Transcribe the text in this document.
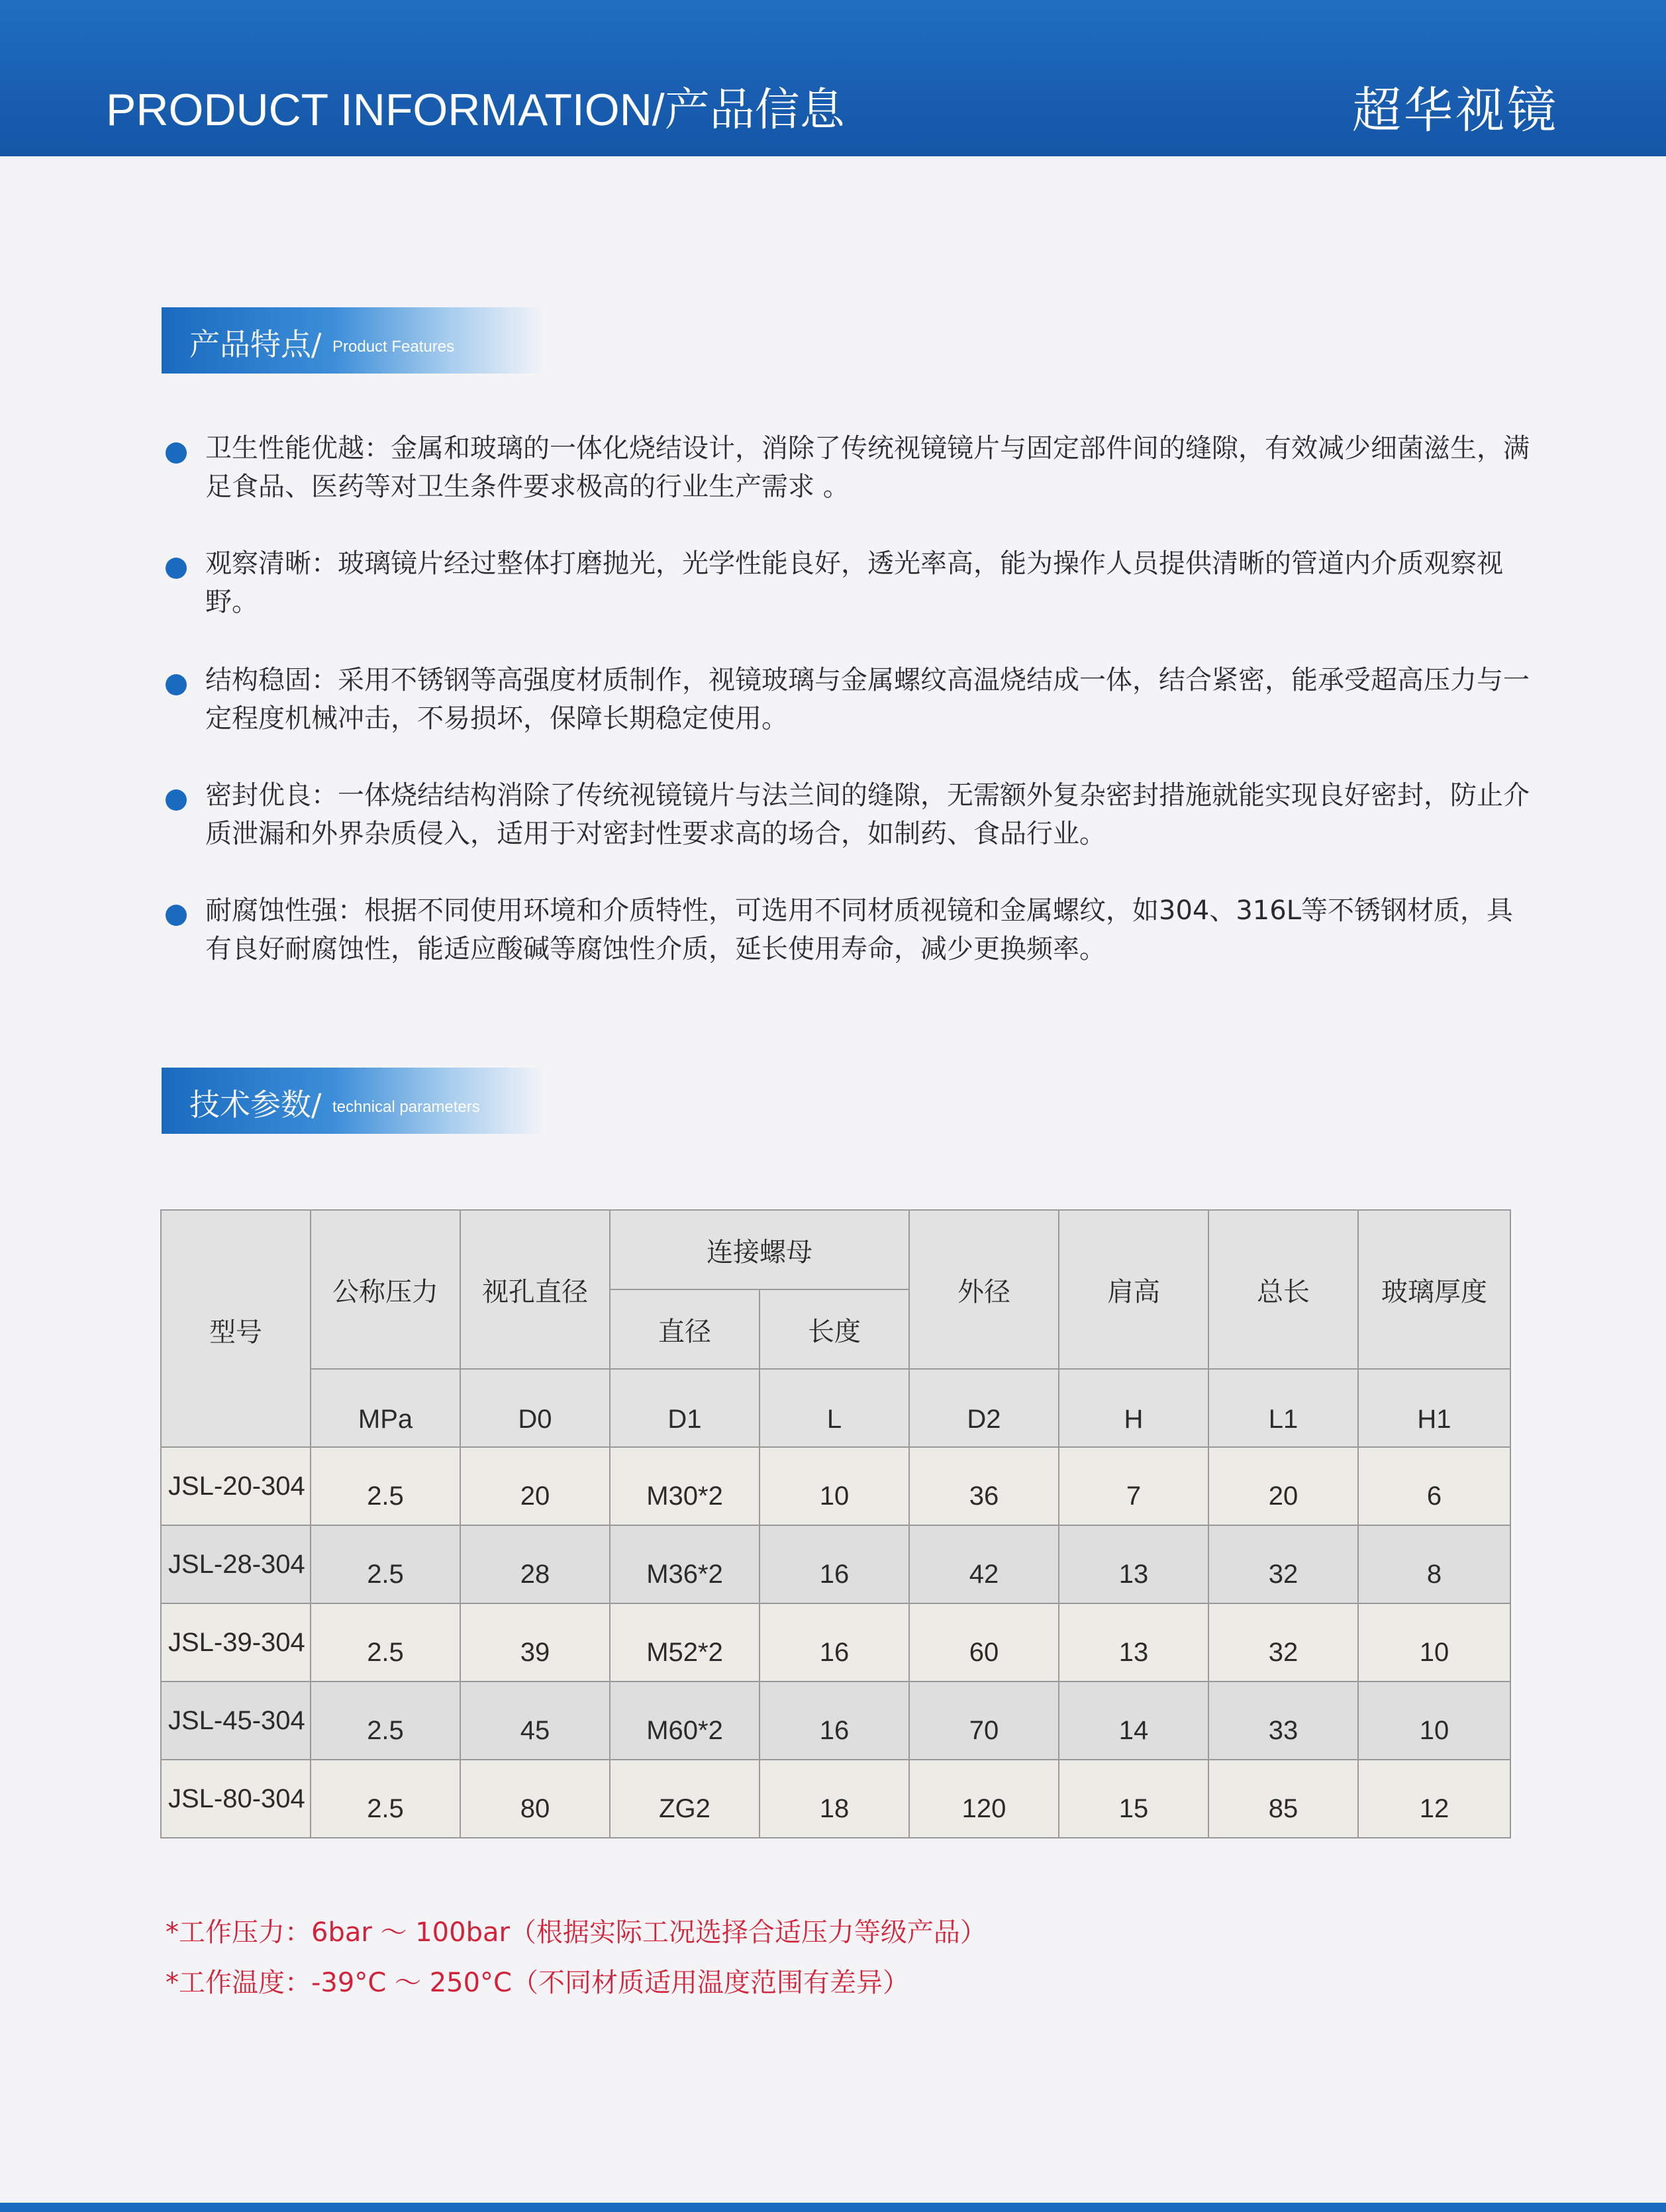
PRODUCT INFORMATION/产品信息	超华视镜
产品特点/ Product Features
卫生性能优越：金属和玻璃的一体化烧结设计，消除了传统视镜镜片与固定部件间的缝隙，有效减少细菌滋生，满足食品、医药等对卫生条件要求极高的行业生产需求 。
观察清晰：玻璃镜片经过整体打磨抛光，光学性能良好，透光率高，能为操作人员提供清晰的管道内介质观察视野。
结构稳固：采用不锈钢等高强度材质制作，视镜玻璃与金属螺纹高温烧结成一体，结合紧密，能承受超高压力与一定程度机械冲击，不易损坏，保障长期稳定使用。
密封优良：一体烧结结构消除了传统视镜镜片与法兰间的缝隙，无需额外复杂密封措施就能实现良好密封，防止介质泄漏和外界杂质侵入，适用于对密封性要求高的场合，如制药、食品行业。
耐腐蚀性强：根据不同使用环境和介质特性，可选用不同材质视镜和金属螺纹，如304、316L等不锈钢材质，具有良好耐腐蚀性，能适应酸碱等腐蚀性介质，延长使用寿命，减少更换频率。
技术参数/ technical parameters
型号	公称压力	视孔直径	连接螺母		外径	肩高	总长	玻璃厚度
			直径	长度				
	MPa	D0	D1	L	D2	H	L1	H1
JSL-20-304	2.5	20	M30*2	10	36	7	20	6
JSL-28-304	2.5	28	M36*2	16	42	13	32	8
JSL-39-304	2.5	39	M52*2	16	60	13	32	10
JSL-45-304	2.5	45	M60*2	16	70	14	33	10
JSL-80-304	2.5	80	ZG2	18	120	15	85	12
*工作压力：6bar ～ 100bar（根据实际工况选择合适压力等级产品）
*工作温度：-39°C ～ 250°C（不同材质适用温度范围有差异）
